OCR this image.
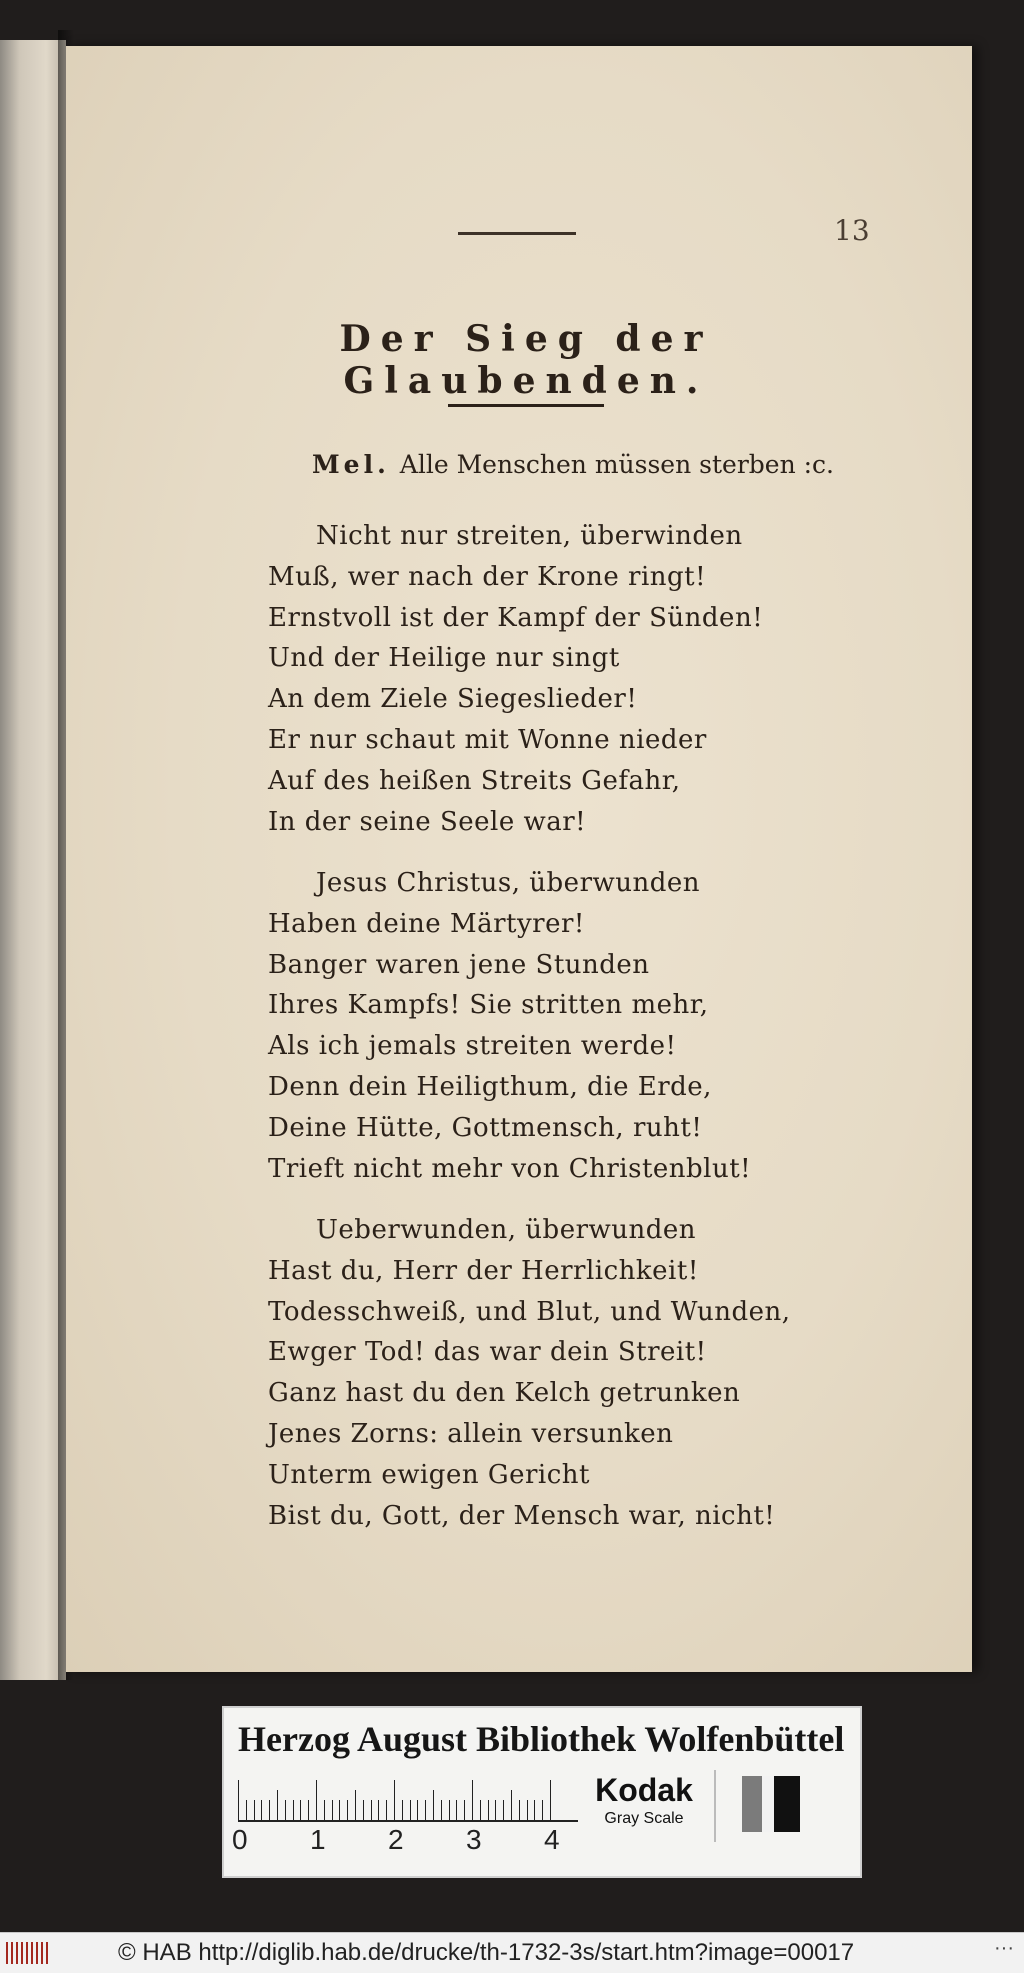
13
Der Sieg der Glaubenden.
Mel. Alle Menschen müssen sterben :c.
Nicht nur streiten, überwinden
Muß, wer nach der Krone ringt!
Ernstvoll ist der Kampf der Sünden!
Und der Heilige nur singt
An dem Ziele Siegeslieder!
Er nur schaut mit Wonne nieder
Auf des heißen Streits Gefahr,
In der seine Seele war!
Jesus Christus, überwunden
Haben deine Märtyrer!
Banger waren jene Stunden
Ihres Kampfs! Sie stritten mehr,
Als ich jemals streiten werde!
Denn dein Heiligthum, die Erde,
Deine Hütte, Gottmensch, ruht!
Trieft nicht mehr von Christenblut!
Ueberwunden, überwunden
Hast du, Herr der Herrlichkeit!
Todesschweiß, und Blut, und Wunden,
Ewger Tod! das war dein Streit!
Ganz hast du den Kelch getrunken
Jenes Zorns: allein versunken
Unterm ewigen Gericht
Bist du, Gott, der Mensch war, nicht!
Herzog August Bibliothek Wolfenbüttel
0 1 2 3 4
Kodak
Gray Scale
© HAB http://diglib.hab.de/drucke/th-1732-3s/start.htm?image=00017	···
